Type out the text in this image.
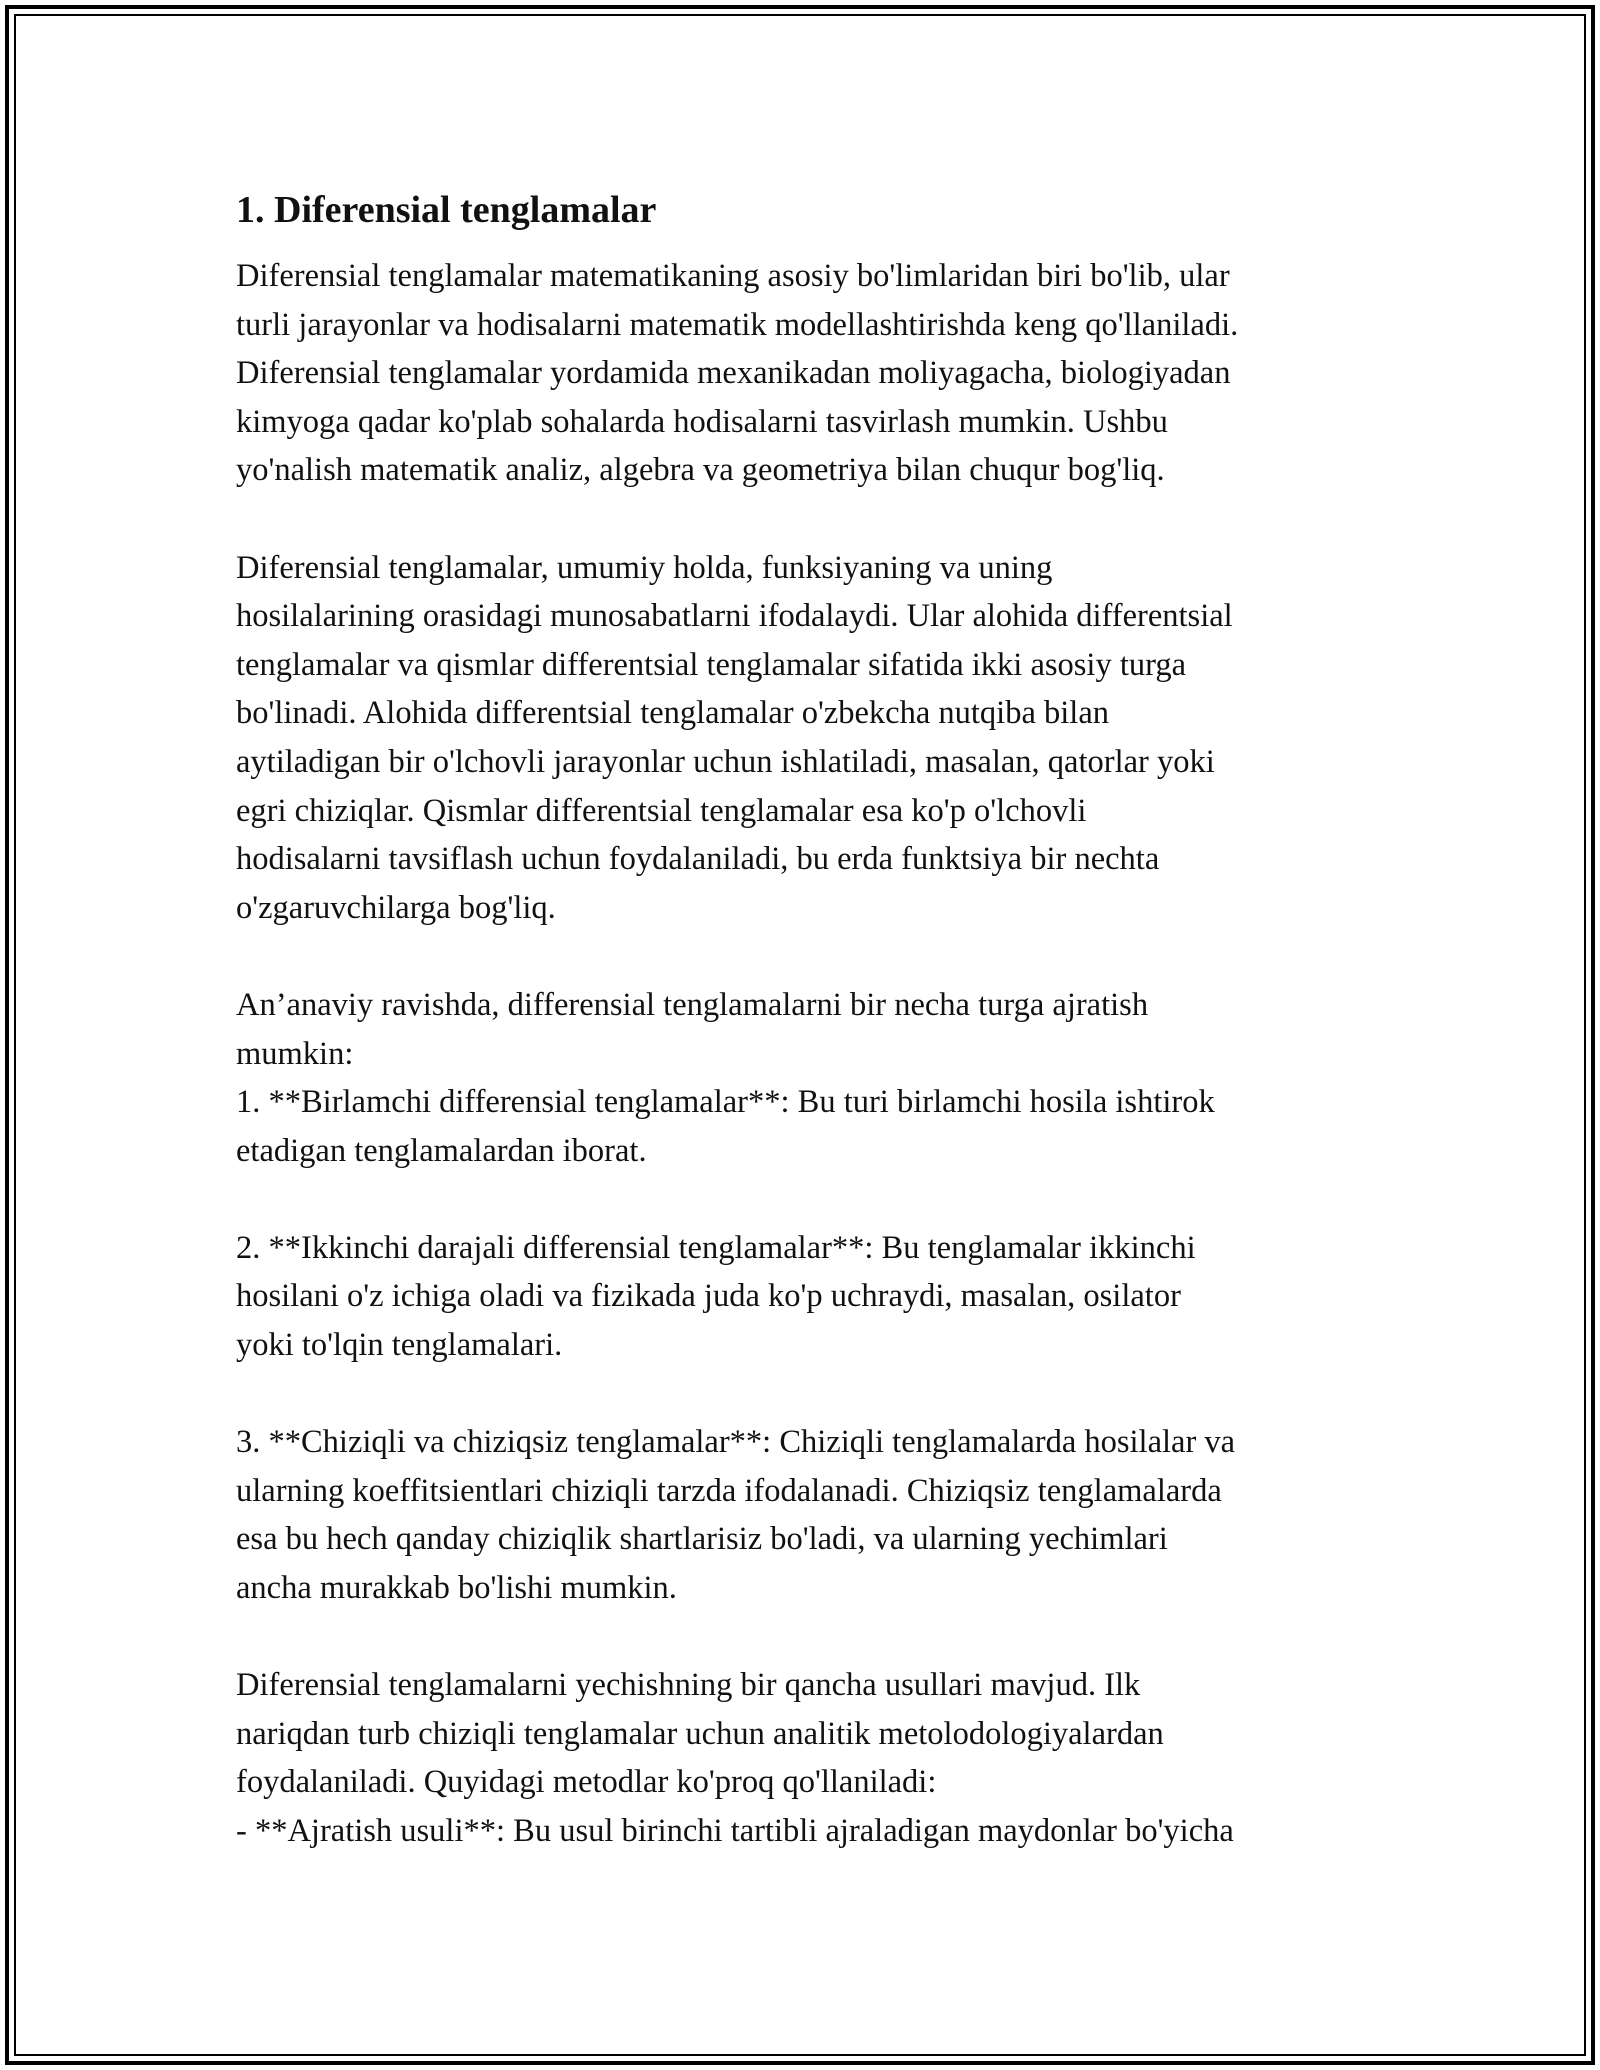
1. Diferensial tenglamalar

Diferensial tenglamalar matematikaning asosiy bo'limlaridan biri bo'lib, ular
turli jarayonlar va hodisalarni matematik modellashtirishda keng qo'llaniladi.
Diferensial tenglamalar yordamida mexanikadan moliyagacha, biologiyadan
kimyoga qadar ko'plab sohalarda hodisalarni tasvirlash mumkin. Ushbu
yo'nalish matematik analiz, algebra va geometriya bilan chuqur bog'liq.

Diferensial tenglamalar, umumiy holda, funksiyaning va uning
hosilalarining orasidagi munosabatlarni ifodalaydi. Ular alohida differentsial
tenglamalar va qismlar differentsial tenglamalar sifatida ikki asosiy turga
bo'linadi. Alohida differentsial tenglamalar o'zbekcha nutqiba bilan
aytiladigan bir o'lchovli jarayonlar uchun ishlatiladi, masalan, qatorlar yoki
egri chiziqlar. Qismlar differentsial tenglamalar esa ko'p o'lchovli
hodisalarni tavsiflash uchun foydalaniladi, bu erda funktsiya bir nechta
o'zgaruvchilarga bog'liq.

An’anaviy ravishda, differensial tenglamalarni bir necha turga ajratish
mumkin:
1. **Birlamchi differensial tenglamalar**: Bu turi birlamchi hosila ishtirok
etadigan tenglamalardan iborat.

2. **Ikkinchi darajali differensial tenglamalar**: Bu tenglamalar ikkinchi
hosilani o'z ichiga oladi va fizikada juda ko'p uchraydi, masalan, osilator
yoki to'lqin tenglamalari.

3. **Chiziqli va chiziqsiz tenglamalar**: Chiziqli tenglamalarda hosilalar va
ularning koeffitsientlari chiziqli tarzda ifodalanadi. Chiziqsiz tenglamalarda
esa bu hech qanday chiziqlik shartlarisiz bo'ladi, va ularning yechimlari
ancha murakkab bo'lishi mumkin.

Diferensial tenglamalarni yechishning bir qancha usullari mavjud. Ilk
nariqdan turb chiziqli tenglamalar uchun analitik metolodologiyalardan
foydalaniladi. Quyidagi metodlar ko'proq qo'llaniladi:
- **Ajratish usuli**: Bu usul birinchi tartibli ajraladigan maydonlar bo'yicha
